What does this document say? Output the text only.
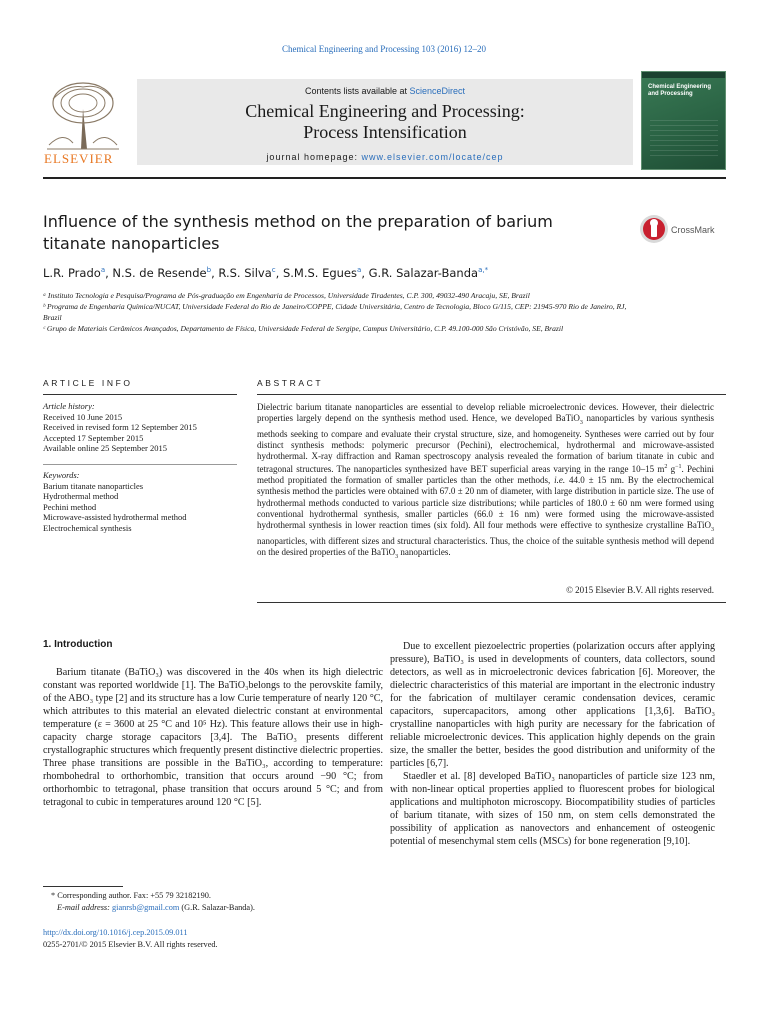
Chemical Engineering and Processing 103 (2016) 12–20
ELSEVIER
Contents lists available at ScienceDirect
Chemical Engineering and Processing:
Process Intensification
journal homepage: www.elsevier.com/locate/cep
Chemical Engineering and Processing
Influence of the synthesis method on the preparation of barium
titanate nanoparticles
CrossMark
L.R. Prado$^a$, N.S. de Resende$^b$, R.S. Silva$^c$, S.M.S. Egues$^a$, G.R. Salazar-Banda$^{a,*}$
ᵃ Instituto Tecnologia e Pesquisa/Programa de Pós-graduação em Engenharia de Processos, Universidade Tiradentes, C.P. 300, 49032-490 Aracaju, SE, Brazil
ᵇ Programa de Engenharia Química/NUCAT, Universidade Federal do Rio de Janeiro/COPPE, Cidade Universitária, Centro de Tecnologia, Bloco G/115, CEP: 21945-970 Rio de Janeiro, RJ, Brazil
ᶜ Grupo de Materiais Cerâmicos Avançados, Departamento de Física, Universidade Federal de Sergipe, Campus Universitário, C.P. 49.100-000 São Cristóvão, SE, Brazil
ARTICLE INFO	ABSTRACT
Article history:
Received 10 June 2015
Received in revised form 12 September 2015
Accepted 17 September 2015
Available online 25 September 2015
Keywords:
Barium titanate nanoparticles
Hydrothermal method
Pechini method
Microwave-assisted hydrothermal method
Electrochemical synthesis
Dielectric barium titanate nanoparticles are essential to develop reliable microelectronic devices. However, their dielectric properties largely depend on the synthesis method used. Hence, we developed BaTiO$_3$ nanoparticles by various synthesis methods seeking to compare and evaluate their crystal structure, size, and homogeneity. Syntheses were carried out by four distinct synthesis methods: polymeric precursor (Pechini), electrochemical, hydrothermal and microwave-assisted hydrothermal. X-ray diffraction and Raman spectroscopy analysis revealed the formation of barium titanate in cubic and tetragonal structures. The nanoparticles synthesized have BET superficial areas varying in the range 10–15 $m^2$ $g^{-1}$. Pechini method propitiated the formation of smaller particles than the other methods, i.e. 44.0 ± 15 nm. By the electrochemical synthesis method the particles were obtained with 67.0 ± 20 nm of diameter, with large distribution in particle size. The use of hydrothermal methods conducted to various particle size distributions; while particles of 180.0 ± 60 nm were formed using conventional hydrothermal synthesis, smaller particles (66.0 ± 16 nm) were formed using the microwave-assisted hydrothermal synthesis in lower reaction times (six fold). All four methods were effective to synthesize crystalline BaTiO$_3$ nanoparticles, with different sizes and structural characteristics. Thus, the choice of the suitable synthesis method will depend on the desired properties of the BaTiO$_3$ nanoparticles.
© 2015 Elsevier B.V. All rights reserved.
1. Introduction

Barium titanate (BaTiO₃) was discovered in the 40s when its high dielectric constant was reported worldwide [1]. The BaTiO₃belongs to the perovskite family, of the ABO₃ type [2] and its structure has a low Curie temperature of nearly 120 °C, which attributes to this material an elevated dielectric constant at environmental temperature (ε = 3600 at 25 °C and 10⁵ Hz). This feature allows their use in high-capacity charge storage capacitors [3,4]. The BaTiO₃ presents different crystallographic structures which frequently present distinctive dielectric properties. Three phase transitions are possible in the BaTiO₃, according to temperature: rhombohedral to orthorhombic, transition that occurs around −90 °C; from orthorhombic to tetragonal, phase transition that occurs around 5 °C; and from tetragonal to cubic in temperatures around 120 °C [5].

Due to excellent piezoelectric properties (polarization occurs after applying pressure), BaTiO₃ is used in developments of counters, data collectors, sound detectors, as well as in microelectronic devices fabrication [6]. Moreover, the dielectric characteristics of this material are important in the electronic industry for the fabrication of multilayer ceramic condensation devices, ceramic capacitors, supercapacitors, among other applications [1,3,6]. BaTiO₃ crystalline nanoparticles with high purity are necessary for the fabrication of reliable microelectronic devices. This application highly depends on the grain size, the smaller the better, besides the good distribution and uniformity of the particles [6,7].

Staedler et al. [8] developed BaTiO₃ nanoparticles of particle size 123 nm, with non-linear optical properties applied to fluorescent probes for biological applications and multiphoton microscopy. Biocompatibility studies of particles of barium titanate, with sizes of 150 nm, on stem cells demonstrated the possibility of application as nanovectors and enhancement of osteogenic potential of mesenchymal stem cells (MSCs) for bone regeneration [9,10].

* Corresponding author. Fax: +55 79 32182190.
E-mail address: gianrsb@gmail.com (G.R. Salazar-Banda).
http://dx.doi.org/10.1016/j.cep.2015.09.011
0255-2701/© 2015 Elsevier B.V. All rights reserved.
